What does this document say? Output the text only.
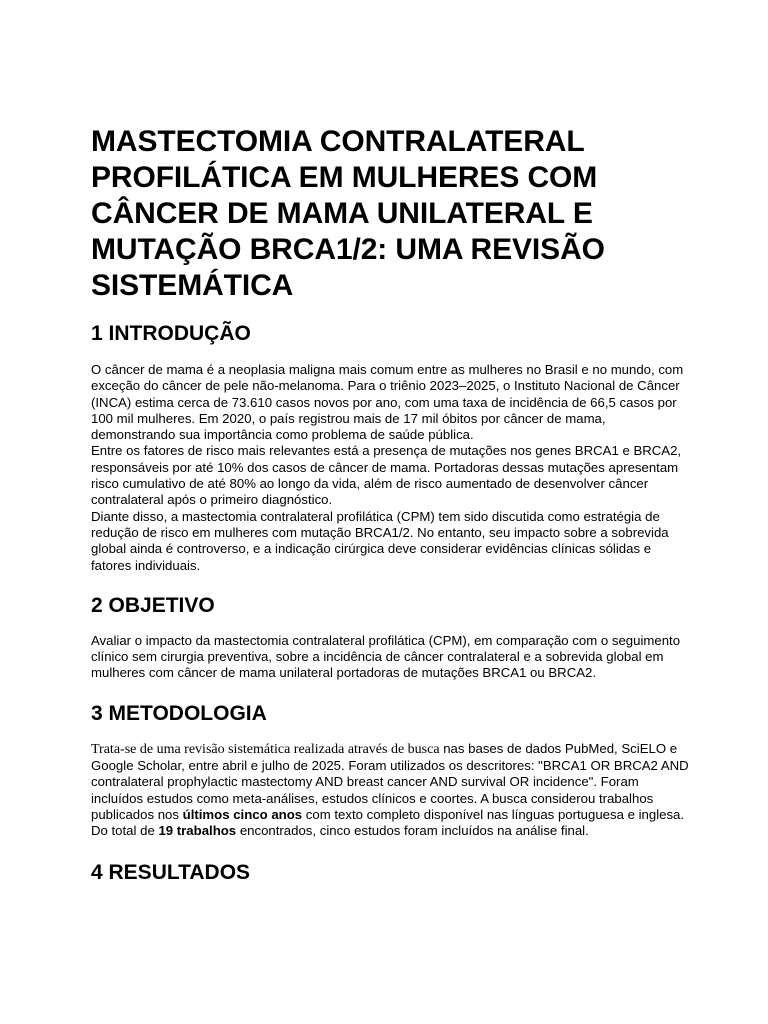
MASTECTOMIA CONTRALATERAL PROFILÁTICA EM MULHERES COM CÂNCER DE MAMA UNILATERAL E MUTAÇÃO BRCA1/2: UMA REVISÃO SISTEMÁTICA
1 INTRODUÇÃO

O câncer de mama é a neoplasia maligna mais comum entre as mulheres no Brasil e no mundo, com exceção do câncer de pele não-melanoma. Para o triênio 2023–2025, o Instituto Nacional de Câncer (INCA) estima cerca de 73.610 casos novos por ano, com uma taxa de incidência de 66,5 casos por 100 mil mulheres. Em 2020, o país registrou mais de 17 mil óbitos por câncer de mama, demonstrando sua importância como problema de saúde pública.

Entre os fatores de risco mais relevantes está a presença de mutações nos genes BRCA1 e BRCA2, responsáveis por até 10% dos casos de câncer de mama. Portadoras dessas mutações apresentam risco cumulativo de até 80% ao longo da vida, além de risco aumentado de desenvolver câncer contralateral após o primeiro diagnóstico.

Diante disso, a mastectomia contralateral profilática (CPM) tem sido discutida como estratégia de redução de risco em mulheres com mutação BRCA1/2. No entanto, seu impacto sobre a sobrevida global ainda é controverso, e a indicação cirúrgica deve considerar evidências clínicas sólidas e fatores individuais.

2 OBJETIVO

Avaliar o impacto da mastectomia contralateral profilática (CPM), em comparação com o seguimento clínico sem cirurgia preventiva, sobre a incidência de câncer contralateral e a sobrevida global em mulheres com câncer de mama unilateral portadoras de mutações BRCA1 ou BRCA2.

3 METODOLOGIA

Trata-se de uma revisão sistemática realizada através de busca nas bases de dados PubMed, SciELO e Google Scholar, entre abril e julho de 2025. Foram utilizados os descritores: "BRCA1 OR BRCA2 AND contralateral prophylactic mastectomy AND breast cancer AND survival OR incidence". Foram incluídos estudos como meta-análises, estudos clínicos e coortes. A busca considerou trabalhos publicados nos últimos cinco anos com texto completo disponível nas línguas portuguesa e inglesa. Do total de 19 trabalhos encontrados, cinco estudos foram incluídos na análise final.

4 RESULTADOS
